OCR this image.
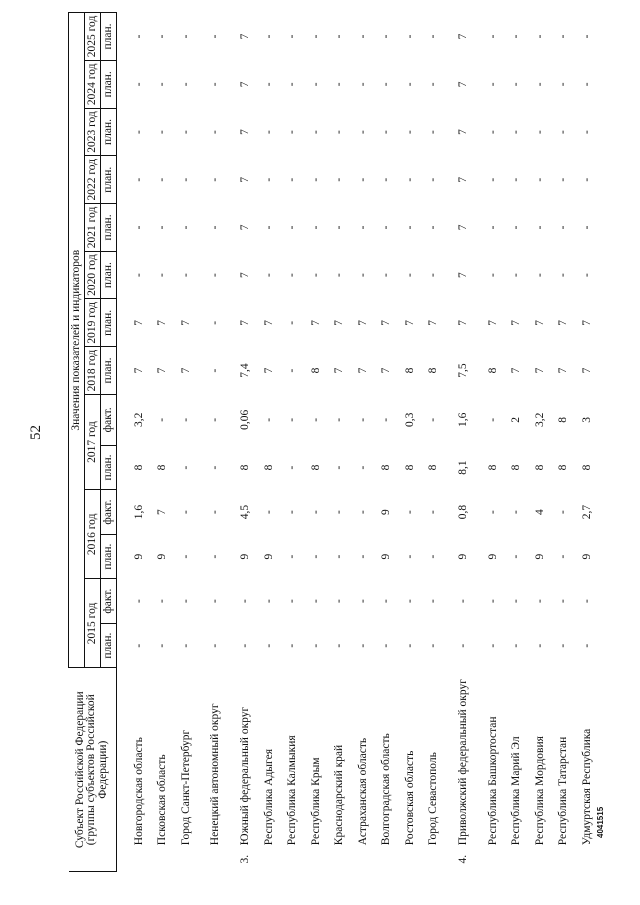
52
4041515
Субъект Российской Федерации (группы субъектов Российской Федерации)		Значения показателей и индикаторов													
		2015 год		2016 год		2017 год		2018 год	2019 год	2020 год	2021 год	2022 год	2023 год	2024 год	2025 год
		план.	факт.	план.	факт.	план.	факт.	план.	план.	план.	план.	план.	план.	план.	план.

	Новгородская область	-	-	9	1,6	8	3,2	7	7	-	-	-	-	-	-
	Псковская область	-	-	9	7	8	-	7	7	-	-	-	-	-	-
	Город Санкт-Петербург	-	-	-	-	-	-	7	7	-	-	-	-	-	-
	Ненецкий автономный округ	-	-	-	-	-	-	-	-	-	-	-	-	-	-
3.	Южный федеральный округ	-	-	9	4,5	8	0,06	7,4	7	7	7	7	7	7	7
	Республика Адыгея	-	-	9	-	8	-	7	7	-	-	-	-	-	-
	Республика Калмыкия	-	-	-	-	-	-	-	-	-	-	-	-	-	-
	Республика Крым	-	-	-	-	8	-	8	7	-	-	-	-	-	-
	Краснодарский край	-	-	-	-	-	-	7	7	-	-	-	-	-	-
	Астраханская область	-	-	-	-	-	-	7	7	-	-	-	-	-	-
	Волгоградская область	-	-	9	9	8	-	7	7	-	-	-	-	-	-
	Ростовская область	-	-	-	-	8	0,3	8	7	-	-	-	-	-	-
	Город Севастополь	-	-	-	-	8	-	8	7	-	-	-	-	-	-
4.	Приволжский федеральный округ	-	-	9	0,8	8,1	1,6	7,5	7	7	7	7	7	7	7
	Республика Башкортостан	-	-	9	-	8	-	8	7	-	-	-	-	-	-
	Республика Марий Эл	-	-	-	-	8	2	7	7	-	-	-	-	-	-
	Республика Мордовия	-	-	9	4	8	3,2	7	7	-	-	-	-	-	-
	Республика Татарстан	-	-	-	-	8	8	7	7	-	-	-	-	-	-
	Удмуртская Республика	-	-	9	2,7	8	3	7	7	-	-	-	-	-	-
